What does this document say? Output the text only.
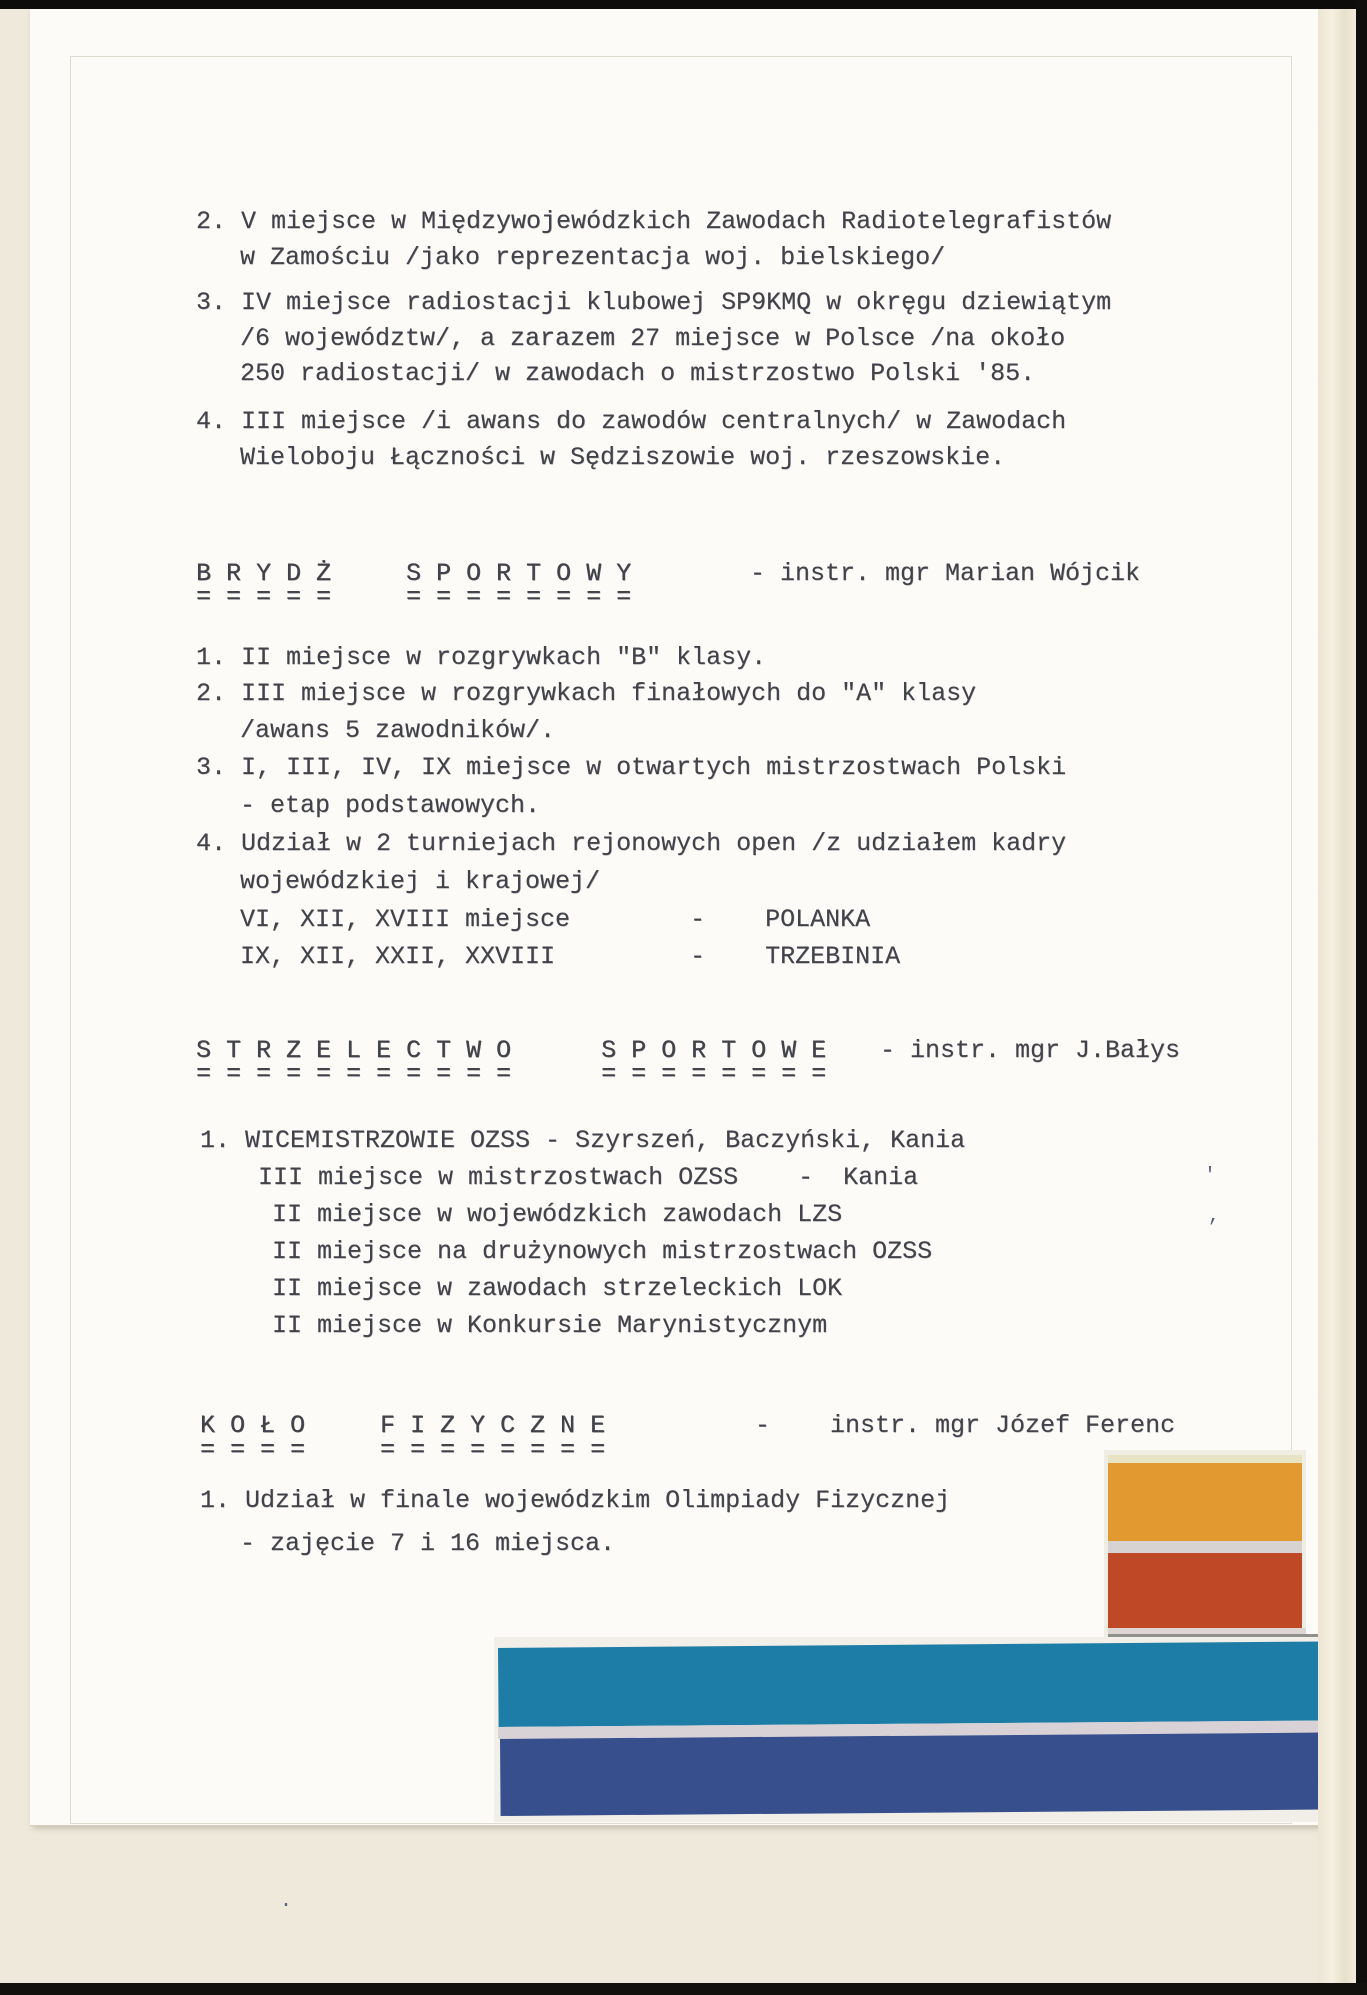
2. V miejsce w Międzywojewódzkich Zawodach Radiotelegrafistów
w Zamościu /jako reprezentacja woj. bielskiego/
3. IV miejsce radiostacji klubowej SP9KMQ w okręgu dziewiątym
/6 województw/, a zarazem 27 miejsce w Polsce /na około
250 radiostacji/ w zawodach o mistrzostwo Polski '85.
4. III miejsce /i awans do zawodów centralnych/ w Zawodach
Wieloboju Łączności w Sędziszowie woj. rzeszowskie.
B R Y D Ż     S P O R T O W Y
= = = = =     = = = = = = = =
- instr. mgr Marian Wójcik
1. II miejsce w rozgrywkach "B" klasy.
2. III miejsce w rozgrywkach finałowych do "A" klasy
/awans 5 zawodników/.
3. I, III, IV, IX miejsce w otwartych mistrzostwach Polski
- etap podstawowych.
4. Udział w 2 turniejach rejonowych open /z udziałem kadry
wojewódzkiej i krajowej/
VI, XII, XVIII miejsce        -    POLANKA
IX, XII, XXII, XXVIII         -    TRZEBINIA
S T R Z E L E C T W O      S P O R T O W E
= = = = = = = = = = =      = = = = = = = =
- instr. mgr J.Bałys
1. WICEMISTRZOWIE OZSS - Szyrszeń, Baczyński, Kania
III miejsce w mistrzostwach OZSS    -  Kania
II miejsce w wojewódzkich zawodach LZS
II miejsce na drużynowych mistrzostwach OZSS
II miejsce w zawodach strzeleckich LOK
II miejsce w Konkursie Marynistycznym
K O Ł O     F I Z Y C Z N E
= = = =     = = = = = = = =
-    instr. mgr Józef Ferenc
1. Udział w finale wojewódzkim Olimpiady Fizycznej
- zajęcie 7 i 16 miejsca.
′
,
·
